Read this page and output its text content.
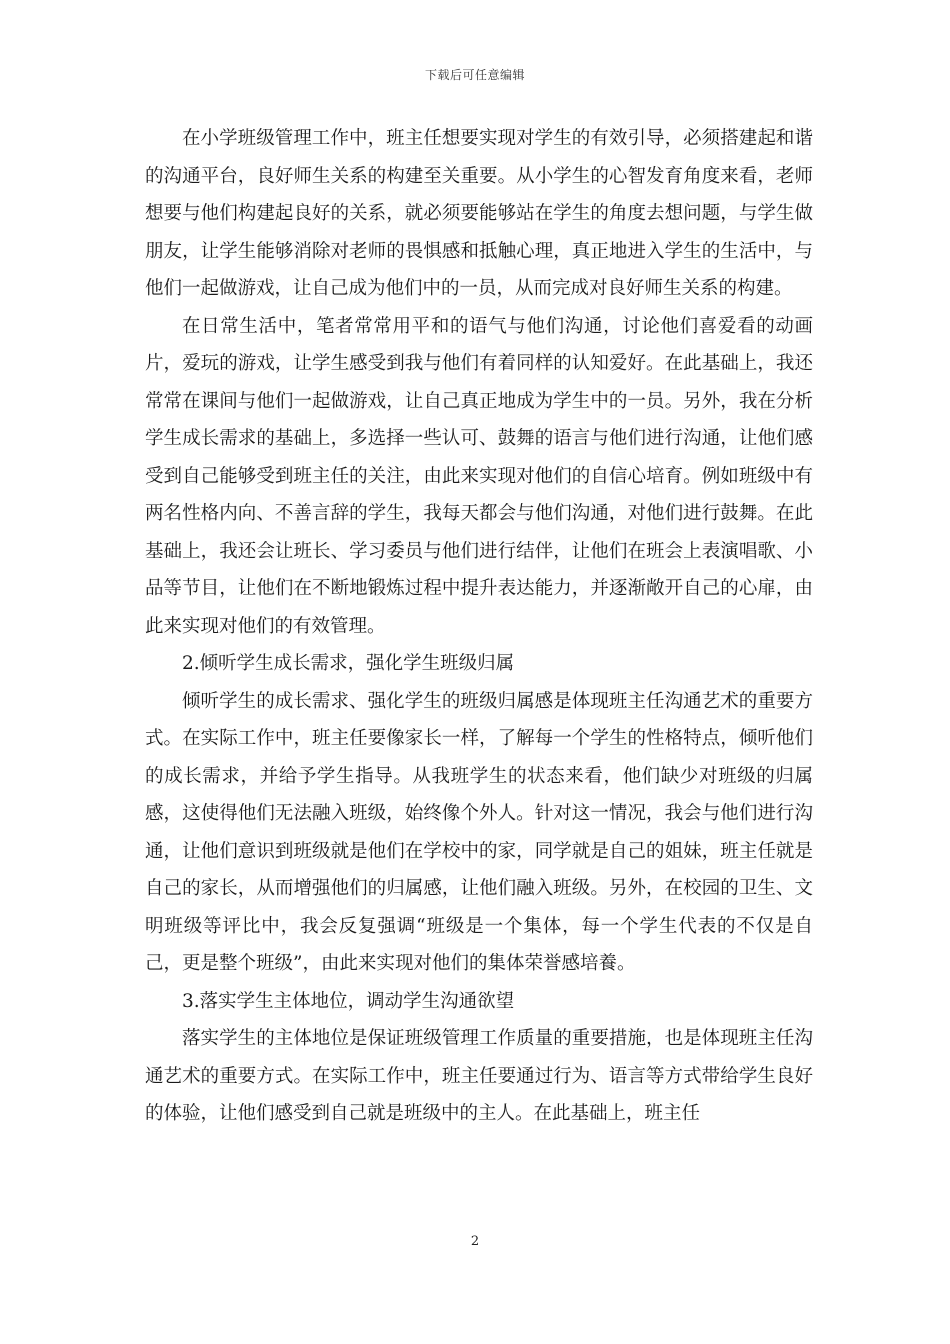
下载后可任意编辑

在小学班级管理工作中，班主任想要实现对学生的有效引导，必须搭建起和谐的沟通平台，良好师生关系的构建至关重要。从小学生的心智发育角度来看，老师想要与他们构建起良好的关系，就必须要能够站在学生的角度去想问题，与学生做朋友，让学生能够消除对老师的畏惧感和抵触心理，真正地进入学生的生活中，与他们一起做游戏，让自己成为他们中的一员，从而完成对良好师生关系的构建。

在日常生活中，笔者常常用平和的语气与他们沟通，讨论他们喜爱看的动画片，爱玩的游戏，让学生感受到我与他们有着同样的认知爱好。在此基础上，我还常常在课间与他们一起做游戏，让自己真正地成为学生中的一员。另外，我在分析学生成长需求的基础上，多选择一些认可、鼓舞的语言与他们进行沟通，让他们感受到自己能够受到班主任的关注，由此来实现对他们的自信心培育。例如班级中有两名性格内向、不善言辞的学生，我每天都会与他们沟通，对他们进行鼓舞。在此基础上，我还会让班长、学习委员与他们进行结伴，让他们在班会上表演唱歌、小品等节目，让他们在不断地锻炼过程中提升表达能力，并逐渐敞开自己的心扉，由此来实现对他们的有效管理。

2.倾听学生成长需求，强化学生班级归属

倾听学生的成长需求、强化学生的班级归属感是体现班主任沟通艺术的重要方式。在实际工作中，班主任要像家长一样，了解每一个学生的性格特点，倾听他们的成长需求，并给予学生指导。从我班学生的状态来看，他们缺少对班级的归属感，这使得他们无法融入班级，始终像个外人。针对这一情况，我会与他们进行沟通，让他们意识到班级就是他们在学校中的家，同学就是自己的姐妹，班主任就是自己的家长，从而增强他们的归属感，让他们融入班级。另外，在校园的卫生、文明班级等评比中，我会反复强调“班级是一个集体，每一个学生代表的不仅是自己，更是整个班级”，由此来实现对他们的集体荣誉感培養。

3.落实学生主体地位，调动学生沟通欲望

落实学生的主体地位是保证班级管理工作质量的重要措施，也是体现班主任沟通艺术的重要方式。在实际工作中，班主任要通过行为、语言等方式带给学生良好的体验，让他们感受到自己就是班级中的主人。在此基础上，班主任

2
